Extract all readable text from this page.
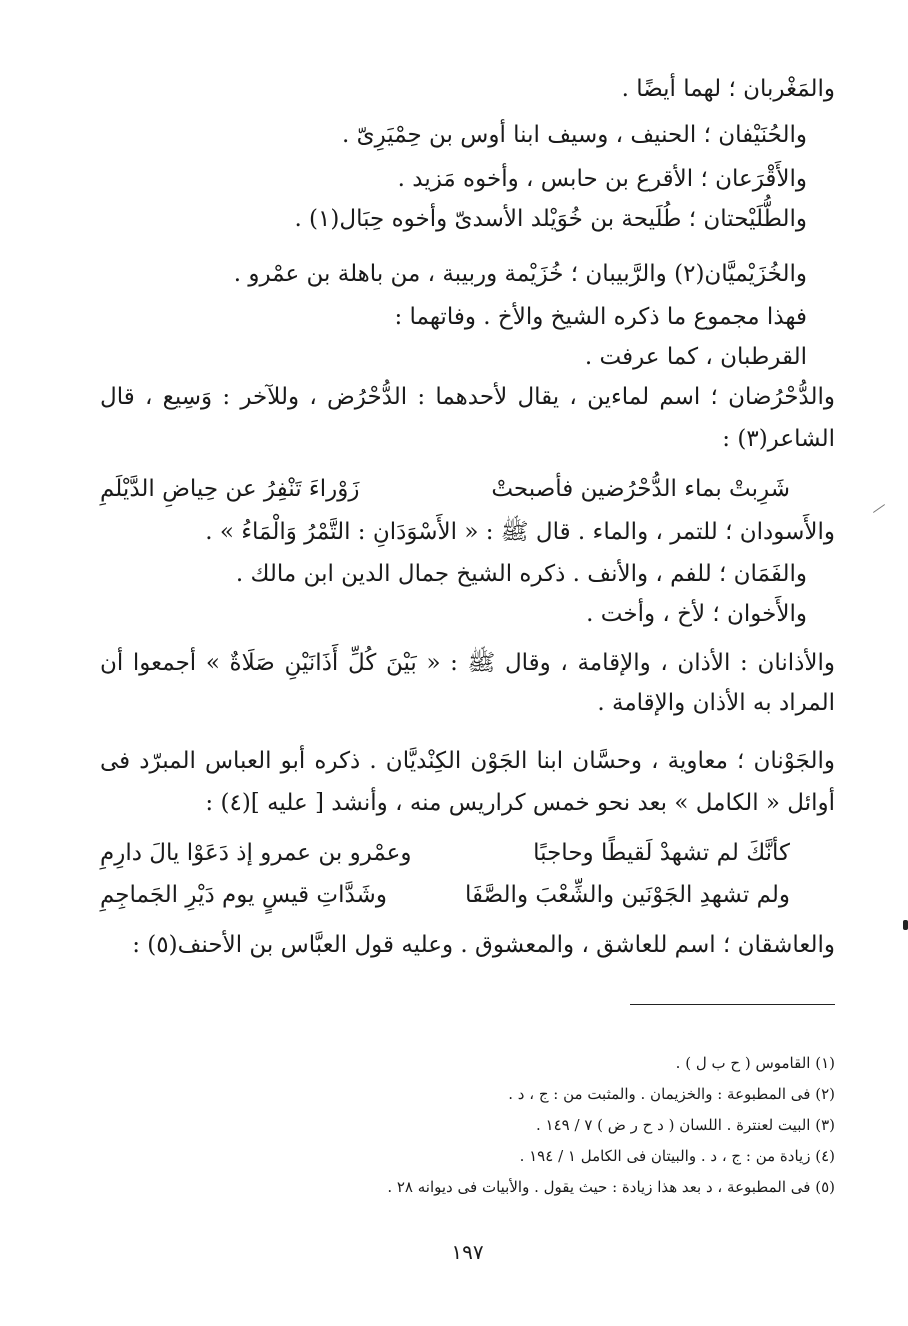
والمَغْربان ؛ لهما أيضًا .
والحُنَيْفان ؛ الحنيف ، وسيف ابنا أوس بن حِمْيَرِىّ .
والأَقْرَعان ؛ الأقرع بن حابس ، وأخوه مَزيد .
والطُّلَيْحتان ؛ طُلَيحة بن خُوَيْلد الأسدىّ وأخوه حِبَال(١) .
والخُزَيْميَّان(٢) والرَّبيبان ؛ خُزَيْمة وربيبة ، من باهلة بن عمْرو .
فهذا مجموع ما ذكره الشيخ والأخ . وفاتهما :
القرطبان ، كما عرفت .
والدُّحْرُضان ؛ اسم لماءين ، يقال لأحدهما : الدُّحْرُض ، وللآخر : وَسِيع ، قال
الشاعر(٣) :
شَرِبتْ بماء الدُّحْرُضين فأصبحتْ
زَوْراءَ تَنْفِرُ عن حِياضِ الدَّيْلَمِ
والأَسودان ؛ للتمر ، والماء . قال ﷺ : « الأَسْوَدَانِ : التَّمْرُ وَالْمَاءُ » .
والفَمَان ؛ للفم ، والأنف . ذكره الشيخ جمال الدين ابن مالك .
والأَخوان ؛ لأخ ، وأخت .
والأذانان : الأذان ، والإقامة ، وقال ﷺ : « بَيْنَ كُلِّ أَذَانَيْنِ صَلَاةٌ » أجمعوا أن
المراد به الأذان والإقامة .
والجَوْنان ؛ معاوية ، وحسَّان ابنا الجَوْن الكِنْديَّان . ذكره أبو العباس المبرّد فى
أوائل « الكامل » بعد نحو خمس كراريس منه ، وأنشد [ عليه ](٤) :
كأنَّكَ لم تشهدْ لَقيطًا وحاجبًا
وعمْرو بن عمرو إذ دَعَوْا يالَ دارِمِ
ولم تشهدِ الجَوْنَين والشِّعْبَ والصَّفَا
وشَدَّاتِ قيسٍ يوم دَيْرِ الجَماجِمِ
والعاشقان ؛ اسم للعاشق ، والمعشوق . وعليه قول العبَّاس بن الأحنف(٥) :
(١) القاموس ( ح ب ل ) .
(٢) فى المطبوعة : والخزيمان . والمثبت من : ج ، د .
(٣) البيت لعنترة . اللسان ( د ح ر ض ) ٧ / ١٤٩ .
(٤) زيادة من : ج ، د . والبيتان فى الكامل ١ / ١٩٤ .
(٥) فى المطبوعة ، د بعد هذا زيادة : حيث يقول . والأبيات فى ديوانه ٢٨ .
١٩٧
